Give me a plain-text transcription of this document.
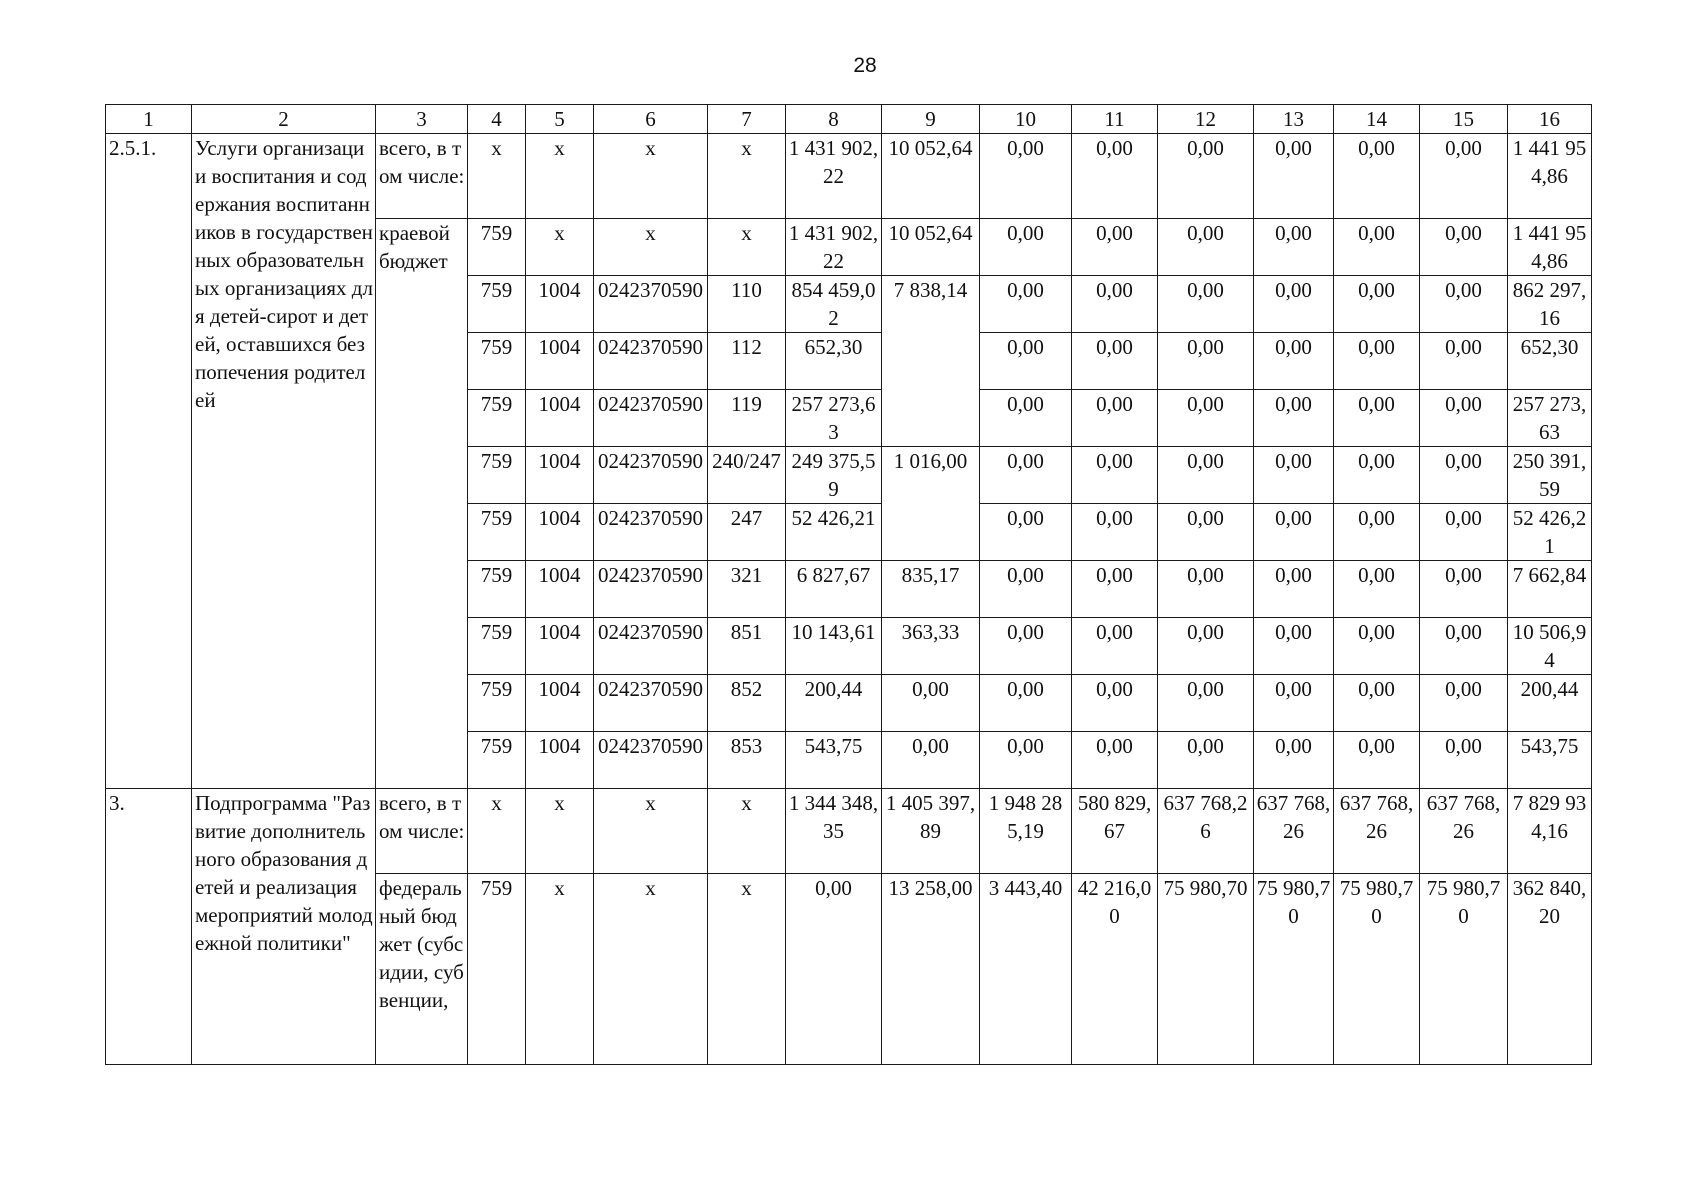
28
1	2	3	4	5	6	7	8	9	10	11	12	13	14	15	16
2.5.1.	Услуги организации воспитания и содержания воспитанников в государственных образовательных организациях для детей-сирот и детей, оставшихся без попечения родителей	всего, в том числе:	х	х	х	х	1 431 902,22	10 052,64	0,00	0,00	0,00	0,00	0,00	0,00	1 441 954,86
		краевой бюджет	759	х	х	х	1 431 902,22	10 052,64	0,00	0,00	0,00	0,00	0,00	0,00	1 441 954,86
			759	1004	0242370590	110	854 459,02	7 838,14	0,00	0,00	0,00	0,00	0,00	0,00	862 297,16
			759	1004	0242370590	112	652,30		0,00	0,00	0,00	0,00	0,00	0,00	652,30
			759	1004	0242370590	119	257 273,63		0,00	0,00	0,00	0,00	0,00	0,00	257 273,63
			759	1004	0242370590	240/247	249 375,59	1 016,00	0,00	0,00	0,00	0,00	0,00	0,00	250 391,59
			759	1004	0242370590	247	52 426,21		0,00	0,00	0,00	0,00	0,00	0,00	52 426,21
			759	1004	0242370590	321	6 827,67	835,17	0,00	0,00	0,00	0,00	0,00	0,00	7 662,84
			759	1004	0242370590	851	10 143,61	363,33	0,00	0,00	0,00	0,00	0,00	0,00	10 506,94
			759	1004	0242370590	852	200,44	0,00	0,00	0,00	0,00	0,00	0,00	0,00	200,44
			759	1004	0242370590	853	543,75	0,00	0,00	0,00	0,00	0,00	0,00	0,00	543,75
3.	Подпрограмма "Развитие дополнительного образования детей и реализация мероприятий молодежной политики"	всего, в том числе:	х	х	х	х	1 344 348,35	1 405 397,89	1 948 285,19	580 829,67	637 768,26	637 768,26	637 768,26	637 768,26	7 829 934,16
		федеральный бюджет (субсидии, субвенции,	759	х	х	х	0,00	13 258,00	3 443,40	42 216,00	75 980,70	75 980,70	75 980,70	75 980,70	362 840,20
